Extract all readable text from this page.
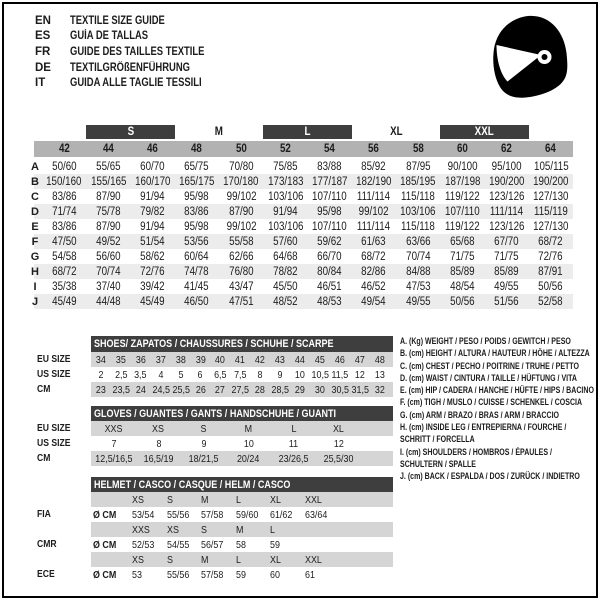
EN	TEXTILE SIZE GUIDE
ES	GUÍA DE TALLAS
FR	GUIDE DES TAILLES TEXTILE
DE	TEXTILGRÖßENFÜHRUNG
IT	GUIDA ALLE TAGLIE TESSILI
S	M	L	XL	XXL
42	44	46	48	50	52	54	56	58	60	62	64
A	50/60	55/65	60/70	65/75	70/80	75/85	83/88	85/92	87/95	90/100	95/100	105/115
B 150/160 155/165 160/170 165/175 170/180 173/183 177/187 182/190 185/195 187/198 190/200 190/200
C	83/86	87/90	91/94	95/98	99/102	103/106 107/110 111/114 115/118 119/122 123/126 127/130
D	71/74	75/78	79/82	83/86	87/90	91/94	95/98	99/102	103/106 107/110 111/114 115/119
E	83/86	87/90	91/94	95/98	99/102	103/106 107/110 111/114 115/118 119/122 123/126 127/130
F	47/50	49/52	51/54	53/56	55/58	57/60	59/62	61/63	63/66	65/68	67/70	68/72
G	54/58	56/60	58/62	60/64	62/66	64/68	66/70	68/72	70/74	71/75	71/75	72/76
H	68/72	70/74	72/76	74/78	76/80	78/82	80/84	82/86	84/88	85/89	85/89	87/91
I	35/38	37/40	39/42	41/45	43/47	45/50	46/51	46/52	47/53	48/54	49/55	50/56
J	45/49	44/48	45/49	46/50	47/51	48/52	48/53	49/54	49/55	50/56	51/56	52/58
SHOES/ ZAPATOS / CHAUSSURES / SCHUHE / SCARPE
GLOVES / GUANTES / GANTS / HANDSCHUHE / GUANTI
HELMET / CASCO / CASQUE / HELM / CASCO
A. (Kg) WEIGHT / PESO / POIDS / GEWITCH / PESO
B. (cm) HEIGHT / ALTURA / HAUTEUR / HÖHE / ALTEZZA
C. (cm) CHEST / PECHO / POITRINE / TRUHE / PETTO
D. (cm) WAIST / CINTURA / TAILLE / HÜFTUNG / VITA
E. (cm) HIP / CADERA / HANCHE / HÜFTE / HIPS / BACINO
F. (cm) TIGH / MUSLO / CUISSE / SCHENKEL / COSCIA
G. (cm) ARM / BRAZO / BRAS / ARM / BRACCIO
H. (cm) INSIDE LEG / ENTREPIERNA / FOURCHE /
SCHRITT / FORCELLA
I. (cm) SHOULDERS / HOMBROS / ÉPAULES /
SCHULTERN / SPALLE
J. (cm) BACK / ESPALDA / DOS / ZURÜCK / INDIETRO
EU SIZE	34 35 36 37 38 39 40 41 42 43 44 45 46 47 48
US SIZE	2	2,5 3,5	4	5	6	6,5 7,5	8	9	10 10,5 11,5 12 13
CM	23 23,5 24 24,5 25,5 26 27 27,5 28 28,5 29 30 30,5 31,5 32
EU SIZE	XXS	XS	S	M	L	XL
US SIZE	7	8	9	10	11	12
CM	12,5/16,5	16,5/19	18/21,5	20/24	23/26,5	25,5/30
XS	S	M	L	XL	XXL
FIA	Ø CM	53/54	55/56	57/58	59/60	61/62	63/64
XXS	XS	S	M	L
CMR	Ø CM	52/53	54/55	56/57	58	59
XS	S	M	L	XL	XXL
ECE	Ø CM	53	55/56	57/58	59	60	61
